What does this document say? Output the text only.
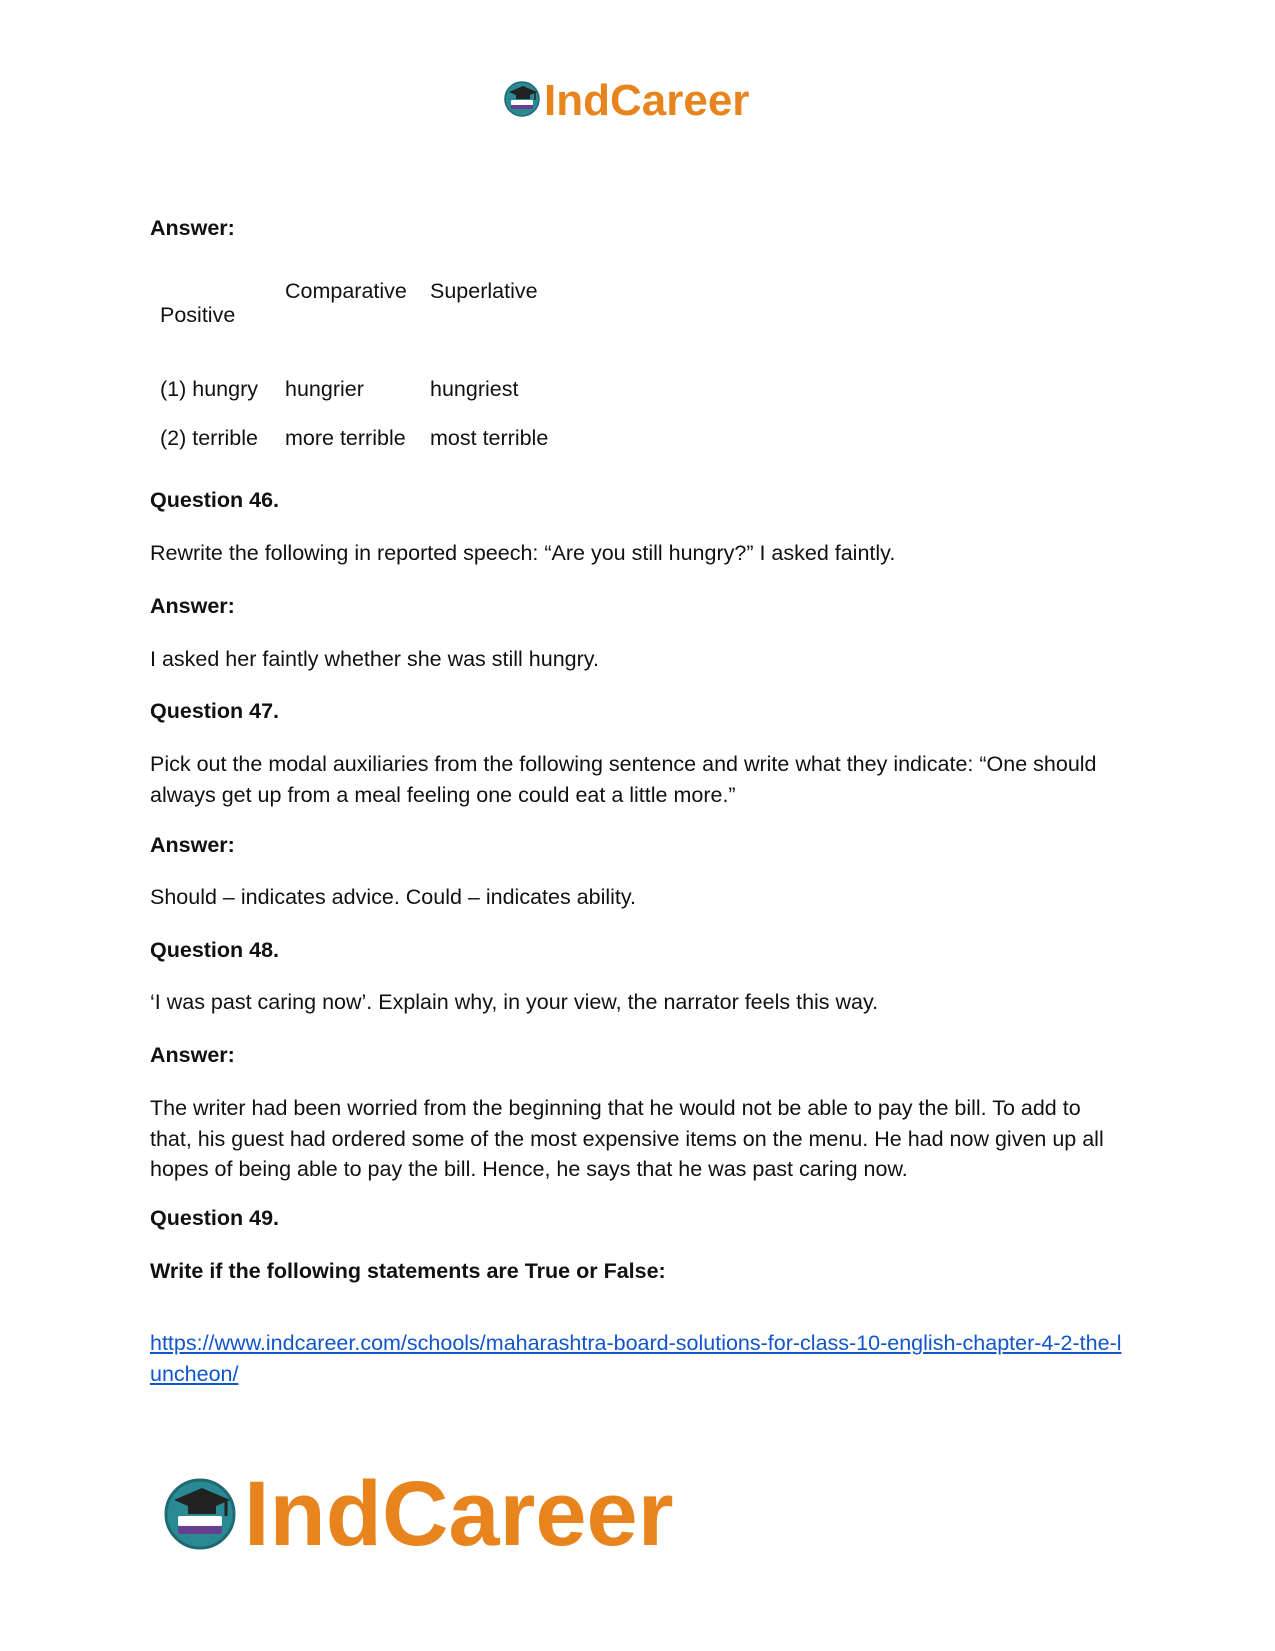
IndCareer
Answer:
Positive
Comparative Superlative
(1) hungry hungrier	hungriest
(2) terrible more terrible most terrible
Question 46.
Rewrite the following in reported speech: “Are you still hungry?” I asked faintly.
Answer:
I asked her faintly whether she was still hungry.
Question 47.
Pick out the modal auxiliaries from the following sentence and write what they indicate: “One should always get up from a meal feeling one could eat a little more.”
Answer:
Should – indicates advice. Could – indicates ability.
Question 48.
‘I was past caring now’. Explain why, in your view, the narrator feels this way.
Answer:
The writer had been worried from the beginning that he would not be able to pay the bill. To add to that, his guest had ordered some of the most expensive items on the menu. He had now given up all hopes of being able to pay the bill. Hence, he says that he was past caring now.
Question 49.
Write if the following statements are True or False:
https://www.indcareer.com/schools/maharashtra-board-solutions-for-class-10-english-chapter-4-2-the-luncheon/
IndCareer
